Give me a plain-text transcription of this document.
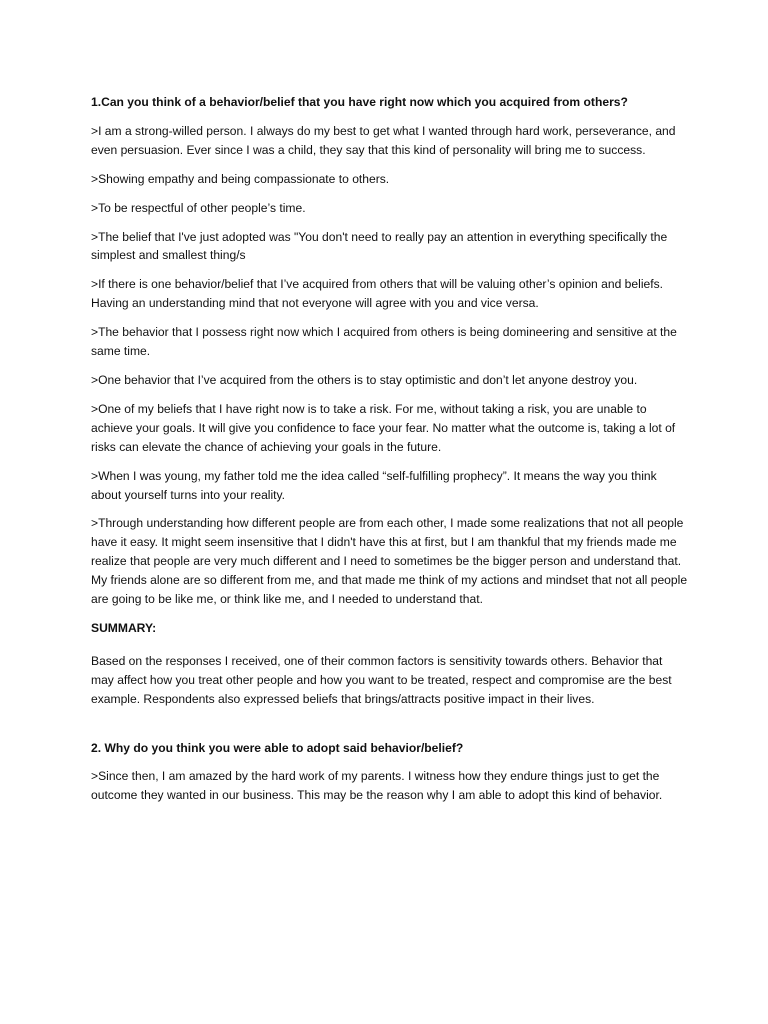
1.Can you think of a behavior/belief that you have right now which you acquired from others?

>I am a strong-willed person. I always do my best to get what I wanted through hard work, perseverance, and even persuasion. Ever since I was a child, they say that this kind of personality will bring me to success.

>Showing empathy and being compassionate to others.

>To be respectful of other people’s time.

>The belief that I've just adopted was "You don't need to really pay an attention in everything specifically the simplest and smallest thing/s

>If there is one behavior/belief that I’ve acquired from others that will be valuing other’s opinion and beliefs. Having an understanding mind that not everyone will agree with you and vice versa.

>The behavior that I possess right now which I acquired from others is being domineering and sensitive at the same time.

>One behavior that I’ve acquired from the others is to stay optimistic and don’t let anyone destroy you.

>One of my beliefs that I have right now is to take a risk. For me, without taking a risk, you are unable to achieve your goals. It will give you confidence to face your fear. No matter what the outcome is, taking a lot of risks can elevate the chance of achieving your goals in the future.

>When I was young, my father told me the idea called “self-fulfilling prophecy”. It means the way you think about yourself turns into your reality.

>Through understanding how different people are from each other, I made some realizations that not all people have it easy. It might seem insensitive that I didn't have this at first, but I am thankful that my friends made me realize that people are very much different and I need to sometimes be the bigger person and understand that. My friends alone are so different from me, and that made me think of my actions and mindset that not all people are going to be like me, or think like me, and I needed to understand that.

SUMMARY:

Based on the responses I received, one of their common factors is sensitivity towards others. Behavior that may affect how you treat other people and how you want to be treated, respect and compromise are the best example. Respondents also expressed beliefs that brings/attracts positive impact in their lives.

2. Why do you think you were able to adopt said behavior/belief?

>Since then, I am amazed by the hard work of my parents. I witness how they endure things just to get the outcome they wanted in our business. This may be the reason why I am able to adopt this kind of behavior.
